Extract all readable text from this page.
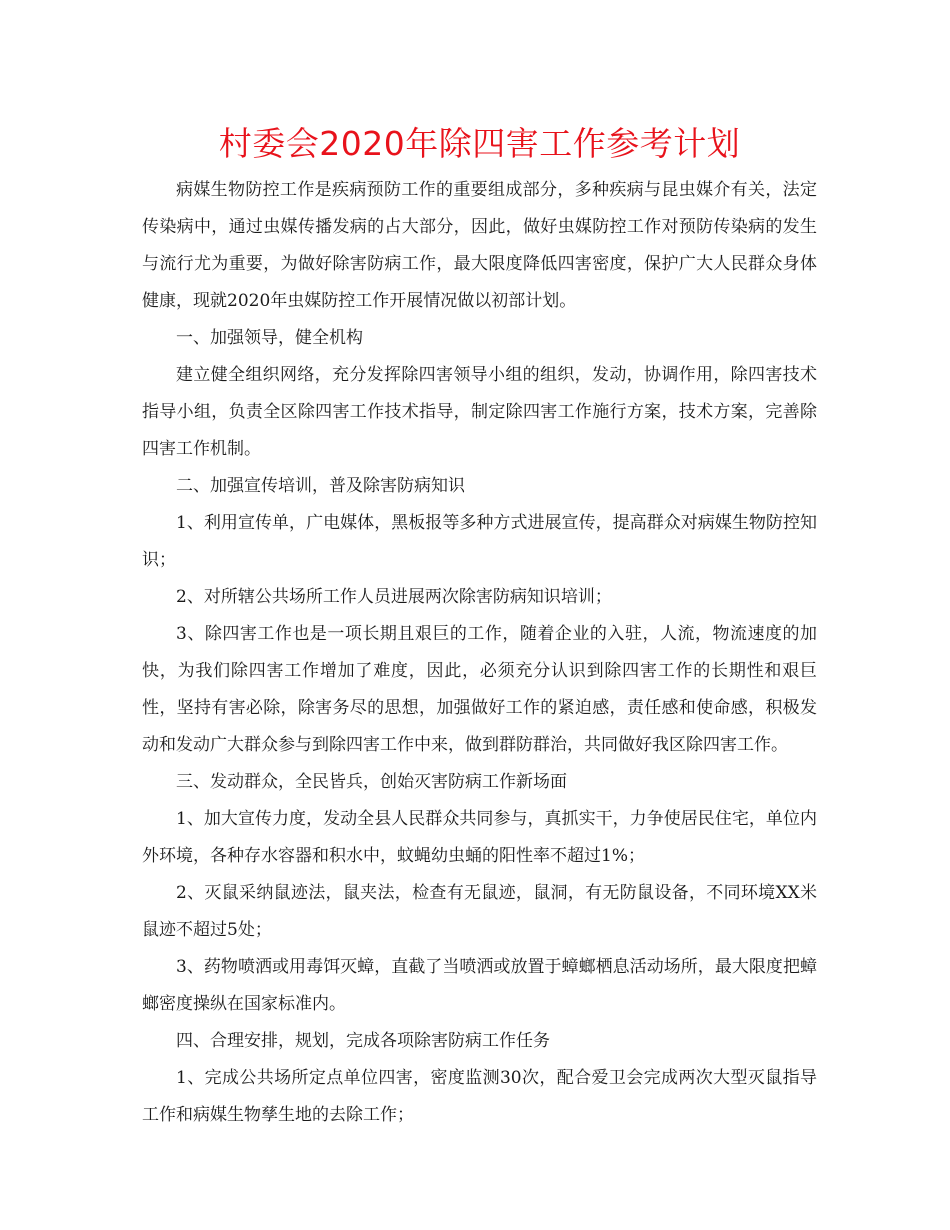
村委会2020年除四害工作参考计划

病媒生物防控工作是疾病预防工作的重要组成部分，多种疾病与昆虫媒介有关，法定传染病中，通过虫媒传播发病的占大部分，因此，做好虫媒防控工作对预防传染病的发生与流行尤为重要，为做好除害防病工作，最大限度降低四害密度，保护广大人民群众身体健康，现就2020年虫媒防控工作开展情况做以初部计划。

一、加强领导，健全机构

建立健全组织网络，充分发挥除四害领导小组的组织，发动，协调作用，除四害技术指导小组，负责全区除四害工作技术指导，制定除四害工作施行方案，技术方案，完善除四害工作机制。

二、加强宣传培训，普及除害防病知识

1、利用宣传单，广电媒体，黑板报等多种方式进展宣传，提高群众对病媒生物防控知识；

2、对所辖公共场所工作人员进展两次除害防病知识培训；

3、除四害工作也是一项长期且艰巨的工作，随着企业的入驻，人流，物流速度的加快，为我们除四害工作增加了难度，因此，必须充分认识到除四害工作的长期性和艰巨性，坚持有害必除，除害务尽的思想，加强做好工作的紧迫感，责任感和使命感，积极发动和发动广大群众参与到除四害工作中来，做到群防群治，共同做好我区除四害工作。

三、发动群众，全民皆兵，创始灭害防病工作新场面

1、加大宣传力度，发动全县人民群众共同参与，真抓实干，力争使居民住宅，单位内外环境，各种存水容器和积水中，蚊蝇幼虫蛹的阳性率不超过1%；

2、灭鼠采纳鼠迹法，鼠夹法，检查有无鼠迹，鼠洞，有无防鼠设备，不同环境XX米鼠迹不超过5处；

3、药物喷洒或用毒饵灭蟑，直截了当喷洒或放置于蟑螂栖息活动场所，最大限度把蟑螂密度操纵在国家标准内。

四、合理安排，规划，完成各项除害防病工作任务

1、完成公共场所定点单位四害，密度监测30次，配合爱卫会完成两次大型灭鼠指导工作和病媒生物孳生地的去除工作；
